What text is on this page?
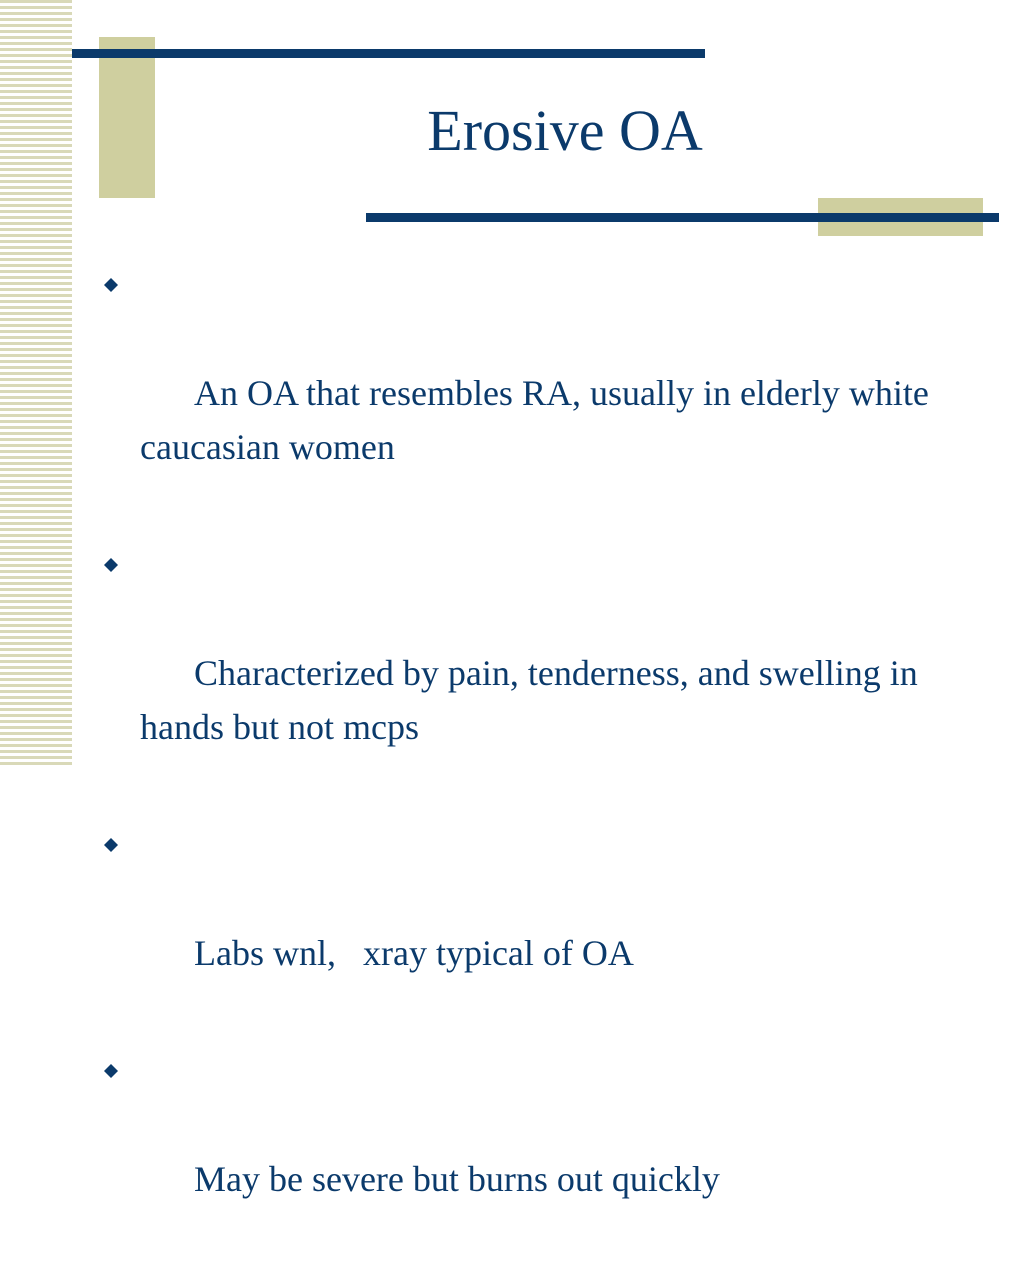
Erosive OA

An OA that resembles RA, usually in elderly white caucasian women

Characterized by pain, tenderness, and swelling in hands but not mcps

Labs wnl,   xray typical of OA

May be severe but burns out quickly
